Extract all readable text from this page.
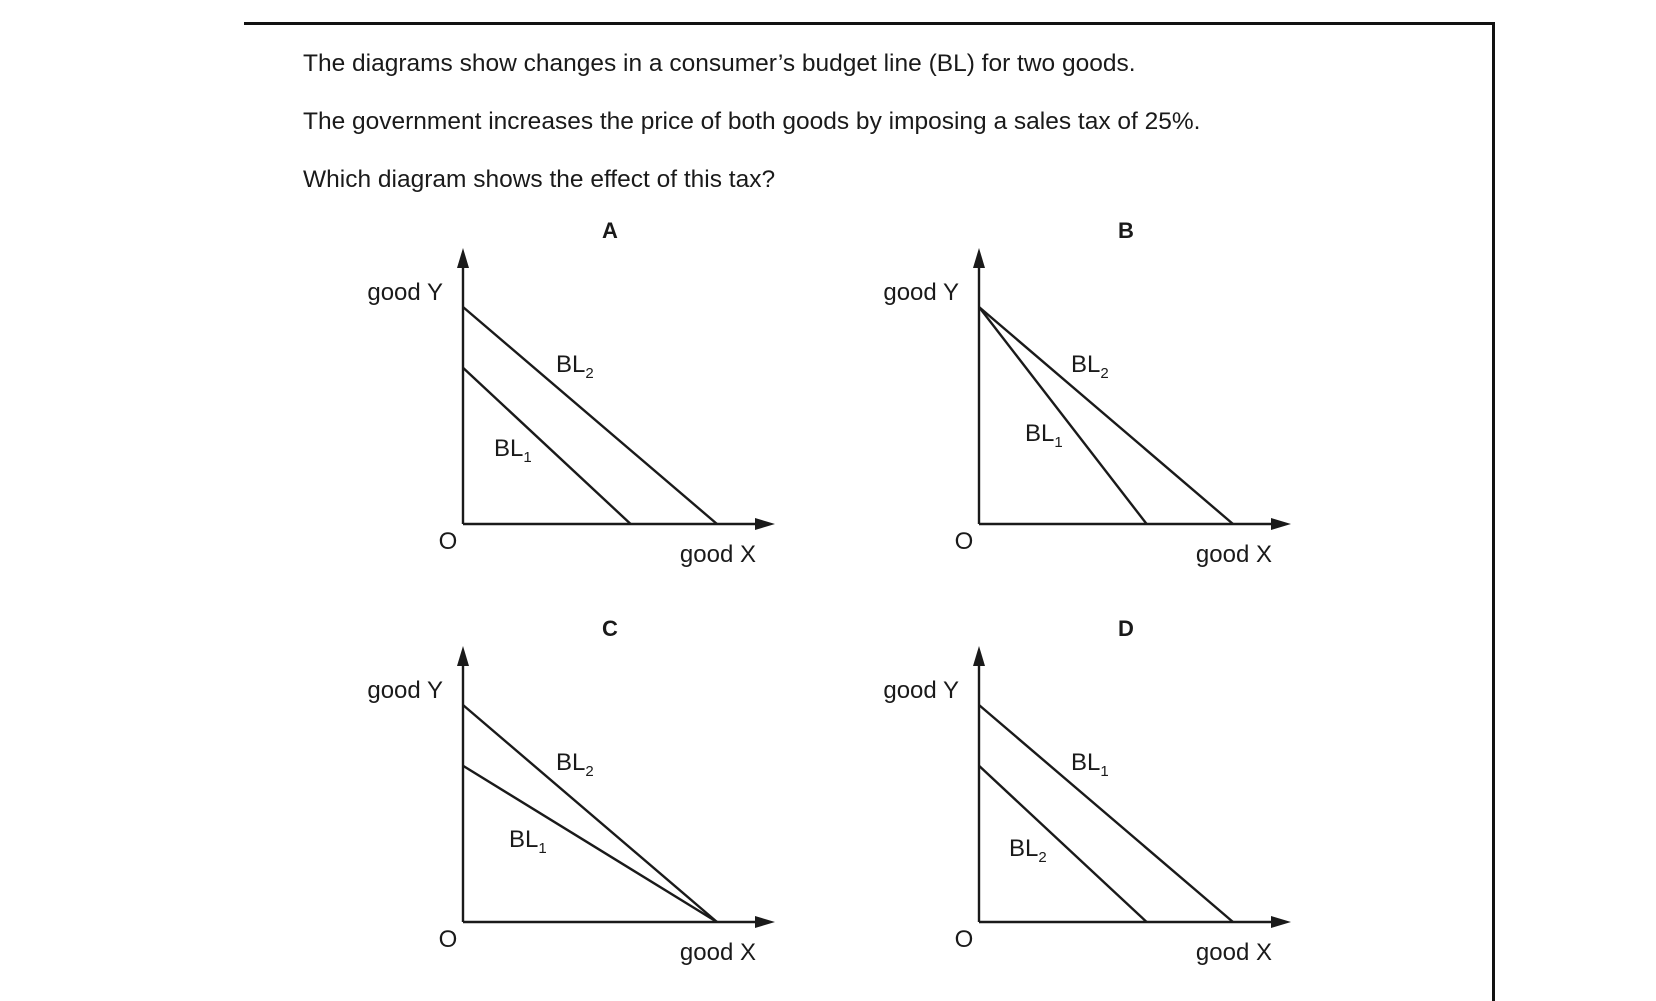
The diagrams show changes in a consumer’s budget line (BL) for two goods.
The government increases the price of both goods by imposing a sales tax of 25%.
Which diagram shows the effect of this tax?
A
good Y
good X
O
$BL_2$
$BL_1$
B
good Y
good X
O
$BL_2$
$BL_1$
C
good Y
good X
O
$BL_2$
$BL_1$
D
good Y
good X
O
$BL_1$
$BL_2$
